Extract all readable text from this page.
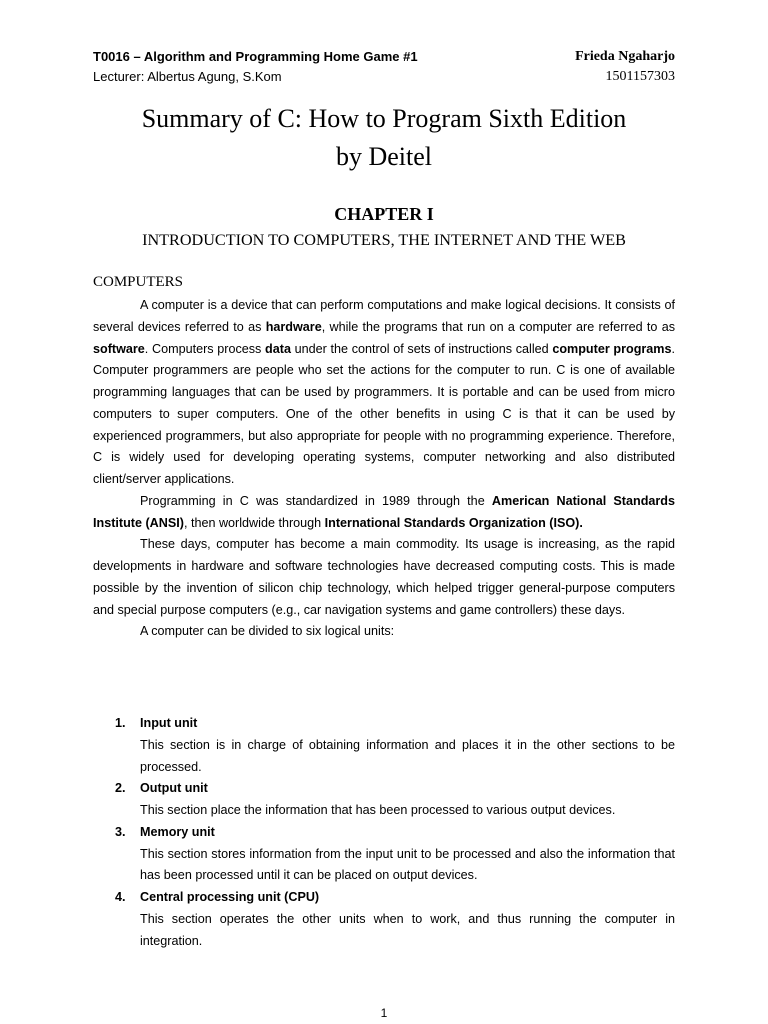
T0016 – Algorithm and Programming Home Game #1	Frieda Ngaharjo
Lecturer: Albertus Agung, S.Kom	1501157303
Summary of C: How to Program Sixth Edition
by Deitel
CHAPTER I
INTRODUCTION TO COMPUTERS, THE INTERNET AND THE WEB
COMPUTERS

A computer is a device that can perform computations and make logical decisions. It consists of several devices referred to as hardware, while the programs that run on a computer are referred to as software. Computers process data under the control of sets of instructions called computer programs. Computer programmers are people who set the actions for the computer to run. C is one of available programming languages that can be used by programmers. It is portable and can be used from micro computers to super computers. One of the other benefits in using C is that it can be used by experienced programmers, but also appropriate for people with no programming experience. Therefore, C is widely used for developing operating systems, computer networking and also distributed client/server applications.

Programming in C was standardized in 1989 through the American National Standards Institute (ANSI), then worldwide through International Standards Organization (ISO).

These days, computer has become a main commodity. Its usage is increasing, as the rapid developments in hardware and software technologies have decreased computing costs. This is made possible by the invention of silicon chip technology, which helped trigger general-purpose computers and special purpose computers (e.g., car navigation systems and game controllers) these days.

A computer can be divided to six logical units:

1. Input unit
This section is in charge of obtaining information and places it in the other sections to be processed.
2. Output unit
This section place the information that has been processed to various output devices.
3. Memory unit
This section stores information from the input unit to be processed and also the information that has been processed until it can be placed on output devices.
4. Central processing unit (CPU)
This section operates the other units when to work, and thus running the computer in integration.
1
